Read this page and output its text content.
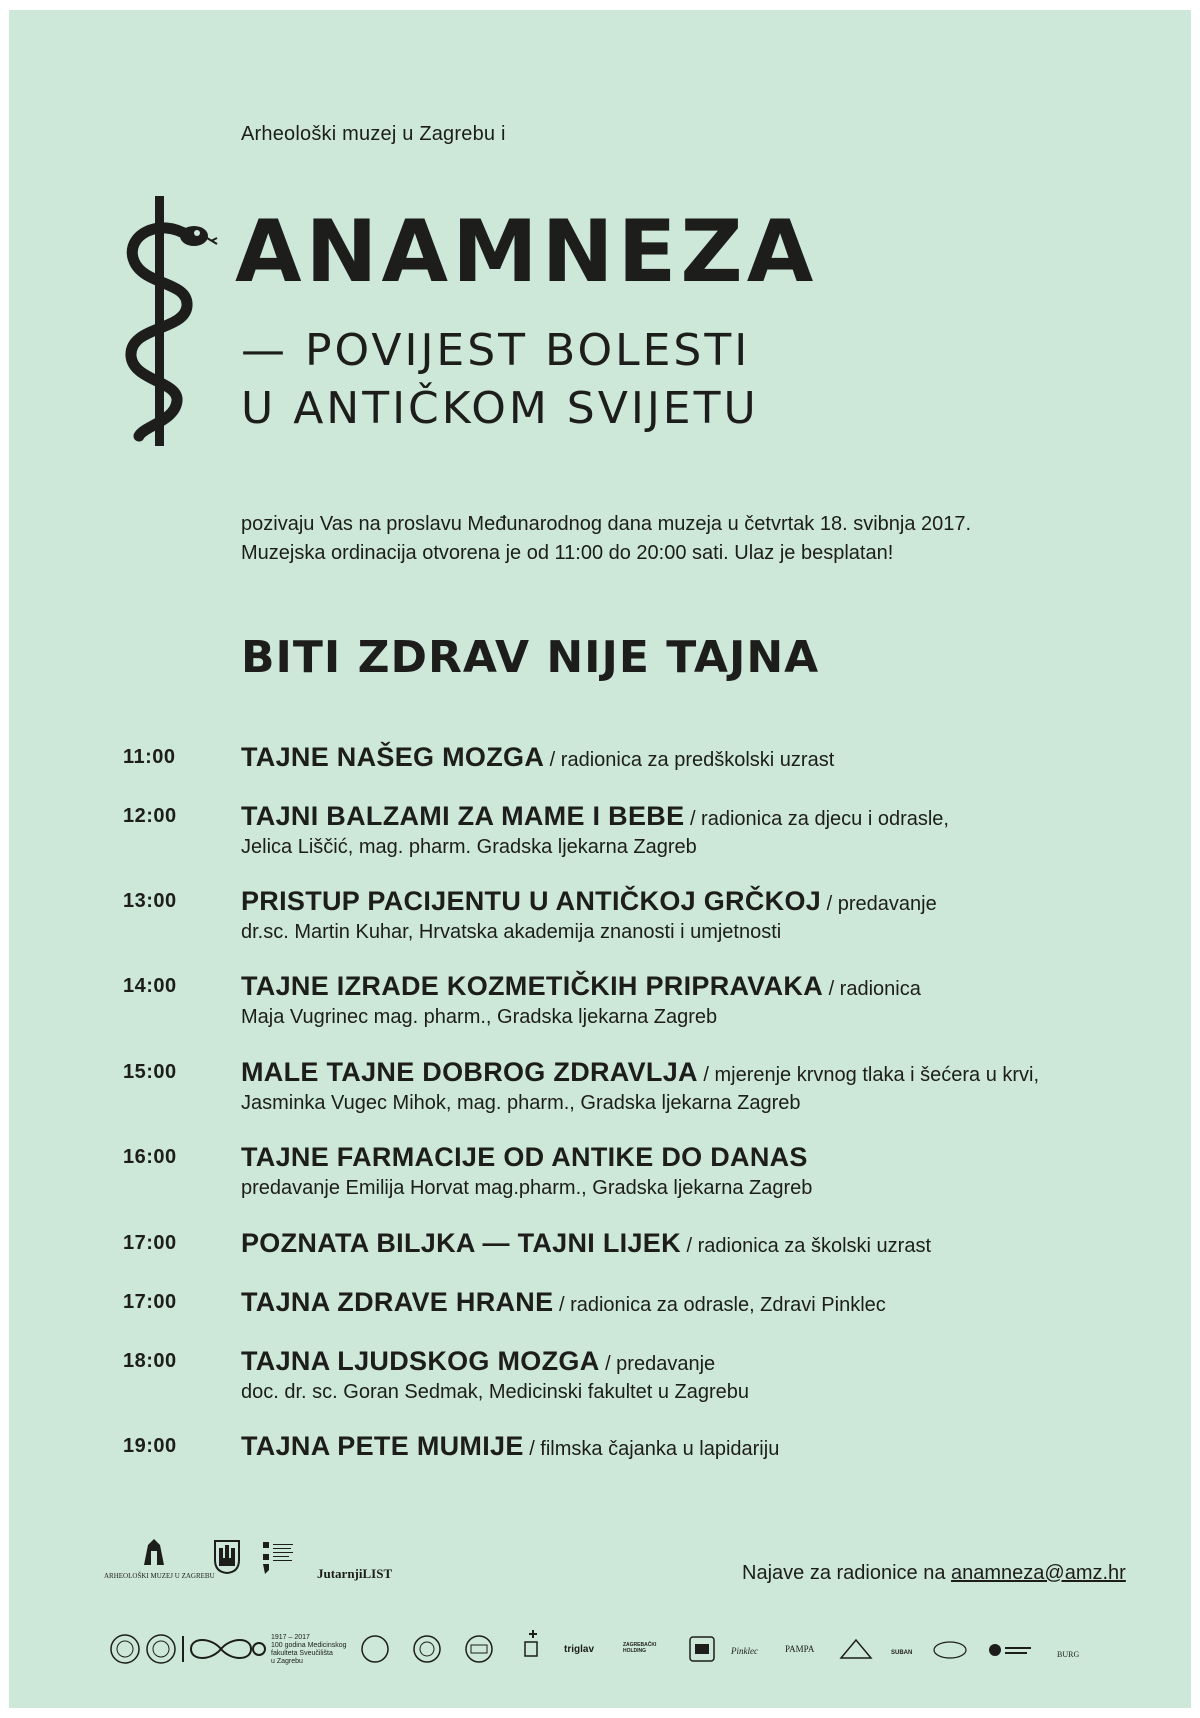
Arheološki muzej u Zagrebu i
ANAMNEZA
— POVIJEST BOLESTI
U ANTIČKOM SVIJETU
pozivaju Vas na proslavu Međunarodnog dana muzeja u četvrtak 18. svibnja 2017.
Muzejska ordinacija otvorena je od 11:00 do 20:00 sati. Ulaz je besplatan!
BITI ZDRAV NIJE TAJNA
11:00 TAJNE NAŠEG MOZGA / radionica za predškolski uzrast
12:00 TAJNI BALZAMI ZA MAME I BEBE / radionica za djecu i odrasle,
Jelica Liščić, mag. pharm. Gradska ljekarna Zagreb
13:00 PRISTUP PACIJENTU U ANTIČKOJ GRČKOJ / predavanje
dr.sc. Martin Kuhar, Hrvatska akademija znanosti i umjetnosti
14:00 TAJNE IZRADE KOZMETIČKIH PRIPRAVAKA / radionica
Maja Vugrinec mag. pharm., Gradska ljekarna Zagreb
15:00 MALE TAJNE DOBROG ZDRAVLJA / mjerenje krvnog tlaka i šećera u krvi,
Jasminka Vugec Mihok, mag. pharm., Gradska ljekarna Zagreb
16:00 TAJNE FARMACIJE OD ANTIKE DO DANAS
predavanje Emilija Horvat mag.pharm., Gradska ljekarna Zagreb
17:00 POZNATA BILJKA — TAJNI LIJEK / radionica za školski uzrast
17:00 TAJNA ZDRAVE HRANE / radionica za odrasle, Zdravi Pinklec
18:00 TAJNA LJUDSKOG MOZGA / predavanje
doc. dr. sc. Goran Sedmak, Medicinski fakultet u Zagrebu
19:00 TAJNA PETE MUMIJE / filmska čajanka u lapidariju
ARHEOLOŠKI MUZEJ U ZAGREBU	JutarnjiLIST	Najave za radionice na anamneza@amz.hr
1917 – 2017
100 godina Medicinskog
fakulteta Sveučilišta
u Zagrebu
triglav	ZAGREBAČKI HOLDING	Pinklec	PAMPA	SUBAN	BURG
